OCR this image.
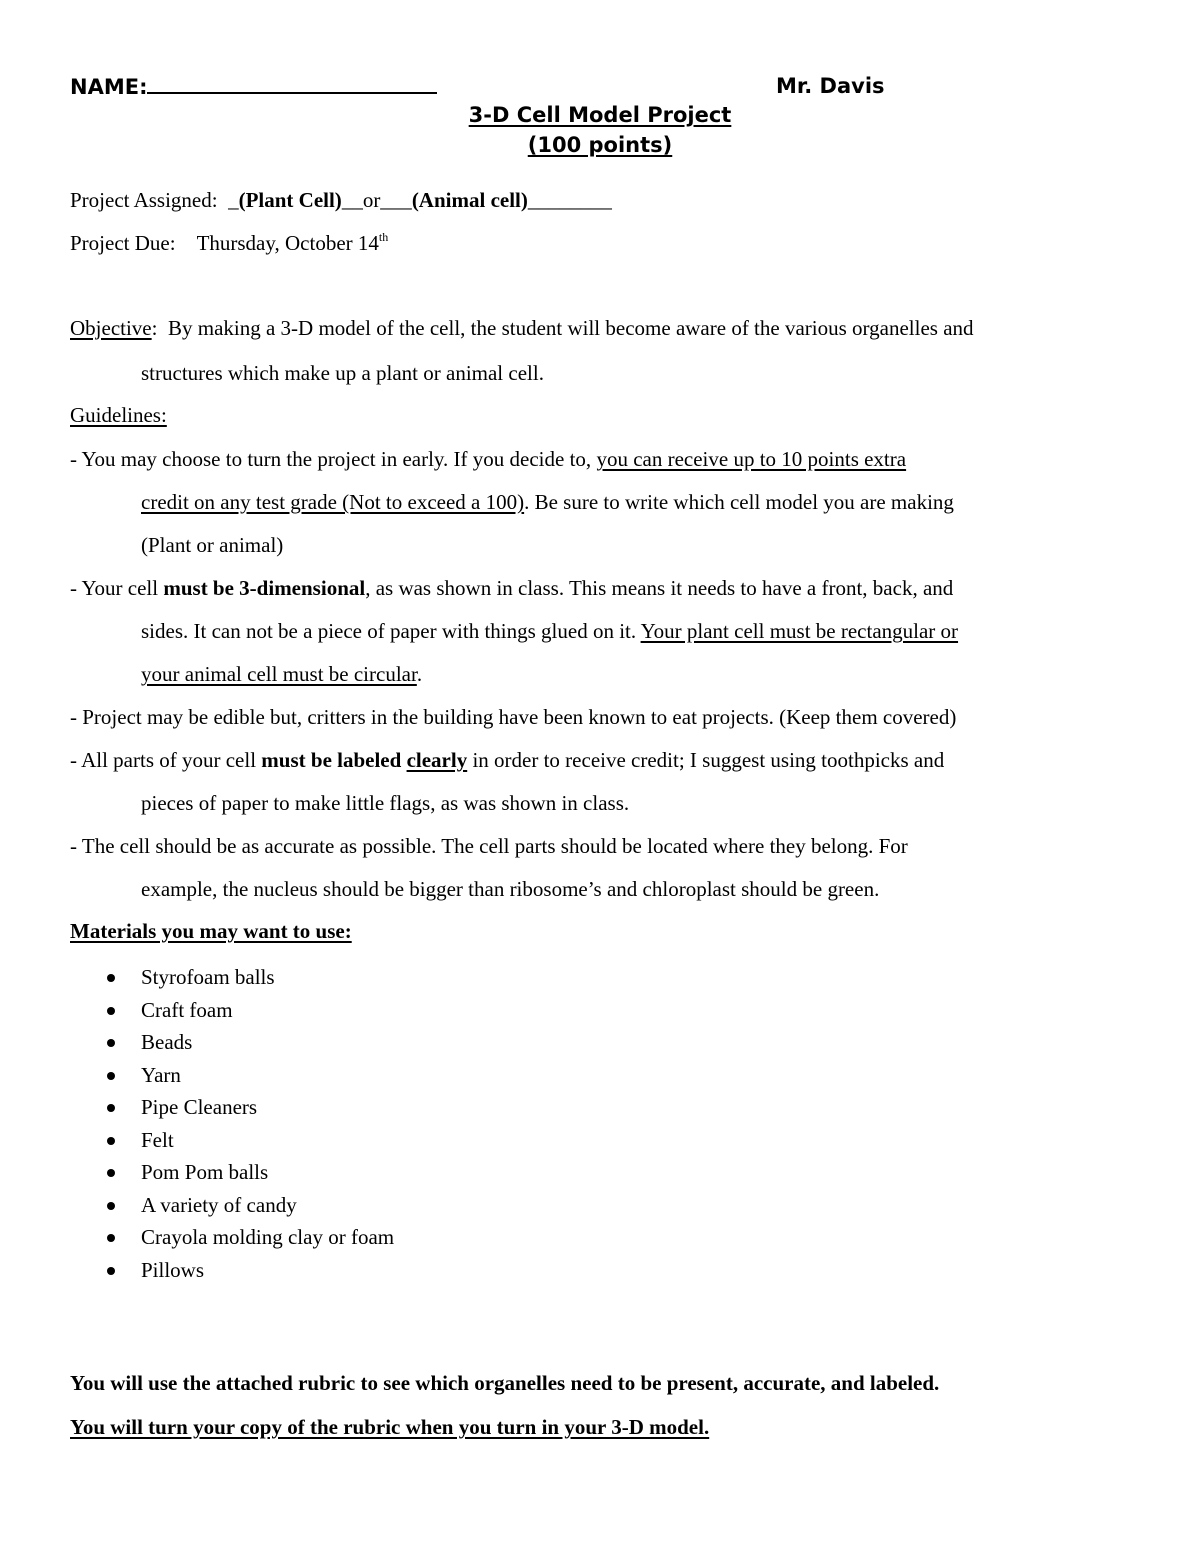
NAME:	Mr. Davis
3-D Cell Model Project
(100 points)
Project Assigned: _(Plant Cell)__or___(Animal cell)________
Project Due: Thursday, October 14th
Objective: By making a 3-D model of the cell, the student will become aware of the various organelles and
structures which make up a plant or animal cell.
Guidelines:
- You may choose to turn the project in early. If you decide to, you can receive up to 10 points extra
credit on any test grade (Not to exceed a 100). Be sure to write which cell model you are making
(Plant or animal)
- Your cell must be 3-dimensional, as was shown in class. This means it needs to have a front, back, and
sides. It can not be a piece of paper with things glued on it. Your plant cell must be rectangular or
your animal cell must be circular.
- Project may be edible but, critters in the building have been known to eat projects. (Keep them covered)
- All parts of your cell must be labeled clearly in order to receive credit; I suggest using toothpicks and
pieces of paper to make little flags, as was shown in class.
- The cell should be as accurate as possible. The cell parts should be located where they belong. For
example, the nucleus should be bigger than ribosome’s and chloroplast should be green.
Materials you may want to use:
Styrofoam balls
Craft foam
Beads
Yarn
Pipe Cleaners
Felt
Pom Pom balls
A variety of candy
Crayola molding clay or foam
Pillows
You will use the attached rubric to see which organelles need to be present, accurate, and labeled.
You will turn your copy of the rubric when you turn in your 3-D model.
